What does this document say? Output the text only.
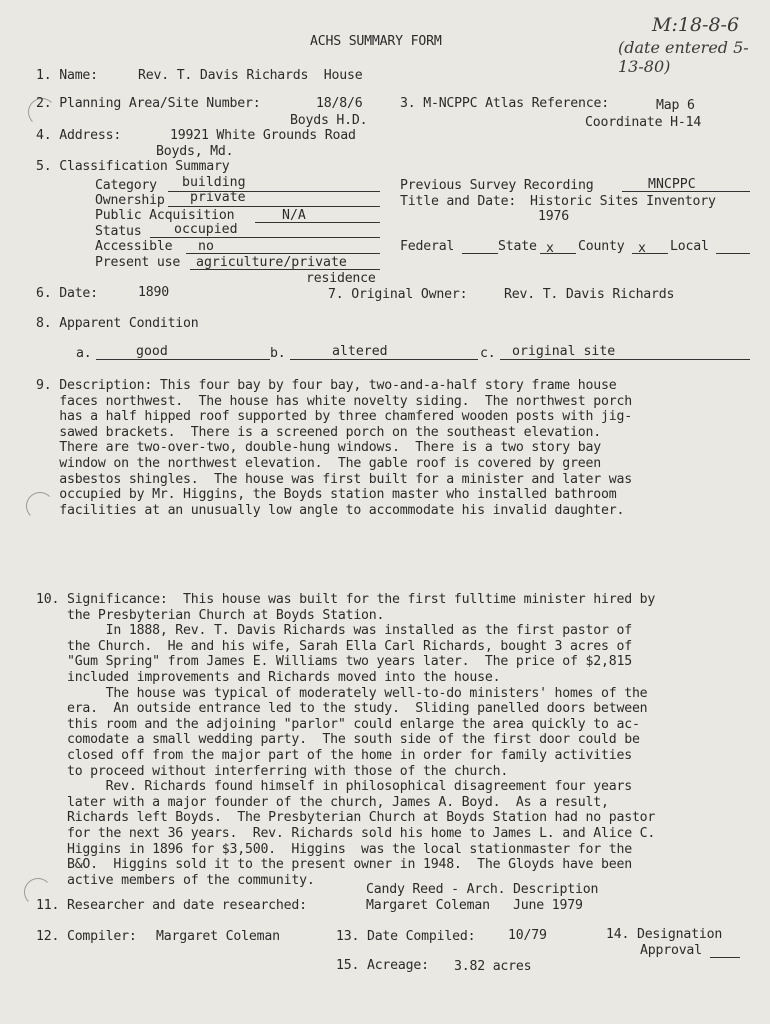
M:18-8-6
(date entered 5-13-80)
ACHS SUMMARY FORM
1. Name:	Rev. T. Davis Richards  House
2. Planning Area/Site Number:	18/8/6
Boyds H.D.
3. M-NCPPC Atlas Reference:	Map 6
Coordinate H-14
4. Address:	19921 White Grounds Road
Boyds, Md.
5. Classification Summary
Category building
Ownership private
Public Acquisition	N/A
Status occupied
Accessible no
Present use agriculture/private
residence
Previous Survey Recording	MNCPPC
Title and Date: Historic Sites Inventory
1976
Federal	State x County x Local
6. Date:	1890	7. Original Owner:	Rev. T. Davis Richards
8. Apparent Condition
a.	good	b.	altered	c. original site
9. Description: This four bay by four bay, two-and-a-half story frame house
faces northwest.  The house has white novelty siding.  The northwest porch
has a half hipped roof supported by three chamfered wooden posts with jig-
sawed brackets.  There is a screened porch on the southeast elevation.
There are two-over-two, double-hung windows.  There is a two story bay
window on the northwest elevation.  The gable roof is covered by green
asbestos shingles.  The house was first built for a minister and later was
occupied by Mr. Higgins, the Boyds station master who installed bathroom
facilities at an unusually low angle to accommodate his invalid daughter.
10. Significance:  This house was built for the first fulltime minister hired by
the Presbyterian Church at Boyds Station.
In 1888, Rev. T. Davis Richards was installed as the first pastor of
the Church.  He and his wife, Sarah Ella Carl Richards, bought 3 acres of
"Gum Spring" from James E. Williams two years later.  The price of $2,815
included improvements and Richards moved into the house.
The house was typical of moderately well-to-do ministers' homes of the
era.  An outside entrance led to the study.  Sliding panelled doors between
this room and the adjoining "parlor" could enlarge the area quickly to ac-
comodate a small wedding party.  The south side of the first door could be
closed off from the major part of the home in order for family activities
to proceed without interferring with those of the church.
Rev. Richards found himself in philosophical disagreement four years
later with a major founder of the church, James A. Boyd.  As a result,
Richards left Boyds.  The Presbyterian Church at Boyds Station had no pastor
for the next 36 years.  Rev. Richards sold his home to James L. and Alice C.
Higgins in 1896 for $3,500.  Higgins  was the local stationmaster for the
B&O.  Higgins sold it to the present owner in 1948.  The Gloyds have been
active members of the community.
Candy Reed - Arch. Description
11. Researcher and date researched:	Margaret Coleman   June 1979
12. Compiler: Margaret Coleman	13. Date Compiled: 10/79	14. Designation
Approval
15. Acreage: 3.82 acres
